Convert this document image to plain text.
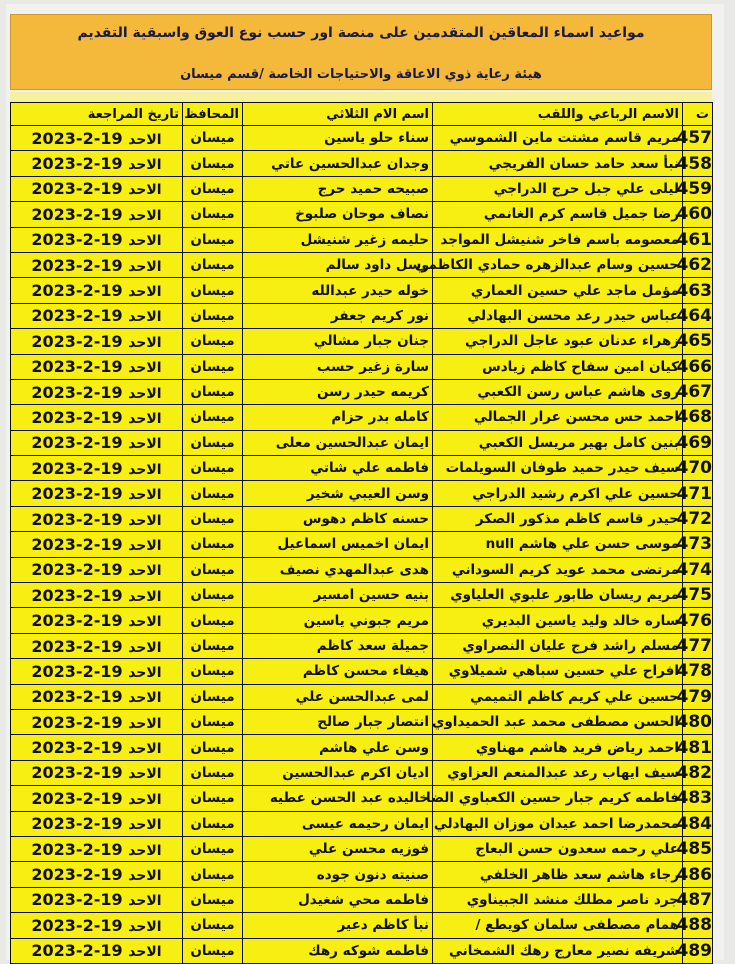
مواعيد اسماء المعاقين المتقدمين على منصة اور حسب نوع العوق واسبقية التقديم
هيئة رعاية ذوي الاعاقة والاحتياجات الخاصة /قسم ميسان
ت	الاسم الرباعي واللقب	اسم الام الثلاثي	المحافظ	تاريخ المراجعة
457	مريم قاسم مشتت ماين الشموسي	سناء حلو ياسين	ميسان	2023-2-19 الاحد
458	نبأ سعد حامد حسان الفريجي	وجدان عبدالحسين عاتي	ميسان	2023-2-19 الاحد
459	ليلى علي جبل حرج الدراجي	صبيحه حميد حرج	ميسان	2023-2-19 الاحد
460	رضا جميل قاسم كرم الغانمي	نصاف موحان صلبوخ	ميسان	2023-2-19 الاحد
461	معصومه باسم فاخر شنيشل المواجد	حليمه زغير شنيشل	ميسان	2023-2-19 الاحد
462	حسين وسام عبدالزهره حمادي الكاظمي	رسل داود سالم	ميسان	2023-2-19 الاحد
463	مؤمل ماجد علي حسين العماري	خوله حيدر عبدالله	ميسان	2023-2-19 الاحد
464	عباس حيدر رعد محسن البهادلي	نور كريم جعفر	ميسان	2023-2-19 الاحد
465	زهراء عدنان عبود عاجل الدراجي	جنان جبار مشالي	ميسان	2023-2-19 الاحد
466	كيان امين سفاح كاظم زيادس	سارة زغير حسب	ميسان	2023-2-19 الاحد
467	روى هاشم عباس رسن الكعبي	كريمه حيدر رسن	ميسان	2023-2-19 الاحد
468	احمد حس محسن عرار الجمالي	كامله بدر حزام	ميسان	2023-2-19 الاحد
469	بنين كامل بهير مريسل الكعبي	ايمان عبدالحسين معلى	ميسان	2023-2-19 الاحد
470	سيف حيدر حميد طوفان السويلمات	فاطمه علي شاتي	ميسان	2023-2-19 الاحد
471	حسين علي اكرم رشيد الدراجي	وسن العيبي شخير	ميسان	2023-2-19 الاحد
472	حيدر قاسم كاظم مذكور الصكر	حسنه كاظم دهوس	ميسان	2023-2-19 الاحد
473	موسى حسن علي هاشم null	ايمان اخميس اسماعيل	ميسان	2023-2-19 الاحد
474	مرتضى محمد عويد كريم السوداني	هدى عبدالمهدي نصيف	ميسان	2023-2-19 الاحد
475	مريم ريسان طابور علبوي العلياوي	بنيه حسين امسير	ميسان	2023-2-19 الاحد
476	ساره خالد وليد ياسين البديري	مريم جبوني ياسين	ميسان	2023-2-19 الاحد
477	مسلم راشد فرج عليان النصراوي	جميلة سعد كاظم	ميسان	2023-2-19 الاحد
478	افراح علي حسين سباهي شميلاوي	هيفاء محسن كاظم	ميسان	2023-2-19 الاحد
479	حسين علي كريم كاظم التميمي	لمى عبدالحسن علي	ميسان	2023-2-19 الاحد
480	الحسن مصطفى محمد عبد الحميداوي	انتصار جبار صالح	ميسان	2023-2-19 الاحد
481	احمد رياض فريد هاشم مهناوي	وسن علي هاشم	ميسان	2023-2-19 الاحد
482	سيف ايهاب رعد عبدالمنعم العزاوي	اديان اكرم عبدالحسين	ميسان	2023-2-19 الاحد
483	فاطمه كريم جبار حسين الكعباوي الضا	خاليده عبد الحسن عطيه	ميسان	2023-2-19 الاحد
484	محمدرضا احمد عيدان موزان البهادلي	ايمان رحيمه عيسى	ميسان	2023-2-19 الاحد
485	علي رحمه سعدون حسن البعاج	فوزيه محسن علي	ميسان	2023-2-19 الاحد
486	رجاء هاشم سعد ظاهر الخلفي	صنيته دنون جوده	ميسان	2023-2-19 الاحد
487	جرد ناصر مطلك منشد الجبيناوي	فاطمه محي شغيدل	ميسان	2023-2-19 الاحد
488	همام مصطفى سلمان كويطع /	نبأ كاظم دعير	ميسان	2023-2-19 الاحد
489	شريفه نصير معارج رهك الشمخاني	فاطمه شوكه رهك	ميسان	2023-2-19 الاحد
